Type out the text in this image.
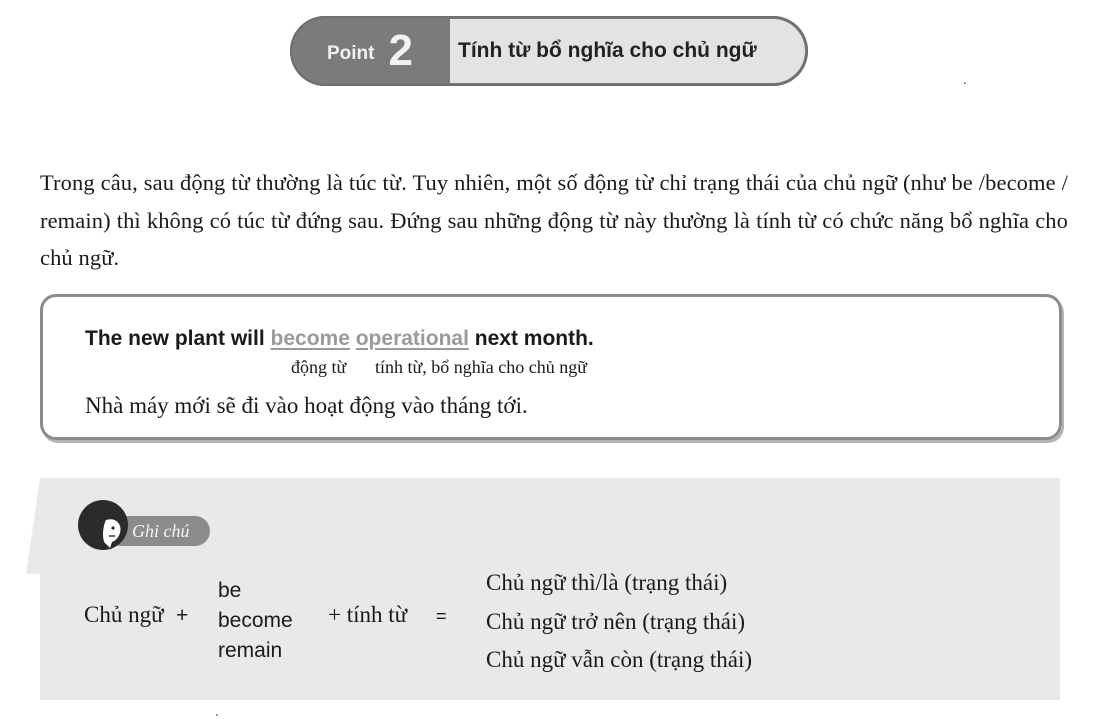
Point 2	Tính từ bổ nghĩa cho chủ ngữ
Trong câu, sau động từ thường là túc từ. Tuy nhiên, một số động từ chỉ trạng thái của chủ ngữ (như be /become / remain) thì không có túc từ đứng sau. Đứng sau những động từ này thường là tính từ có chức năng bổ nghĩa cho chủ ngữ.
The new plant will become operational next month.
động từ tính từ, bổ nghĩa cho chủ ngữ
Nhà máy mới sẽ đi vào hoạt động vào tháng tới.
Ghi chú
Chủ ngữ +
be
become
remain
+ tính từ =
Chủ ngữ thì/là (trạng thái)
Chủ ngữ trở nên (trạng thái)
Chủ ngữ vẫn còn (trạng thái)
